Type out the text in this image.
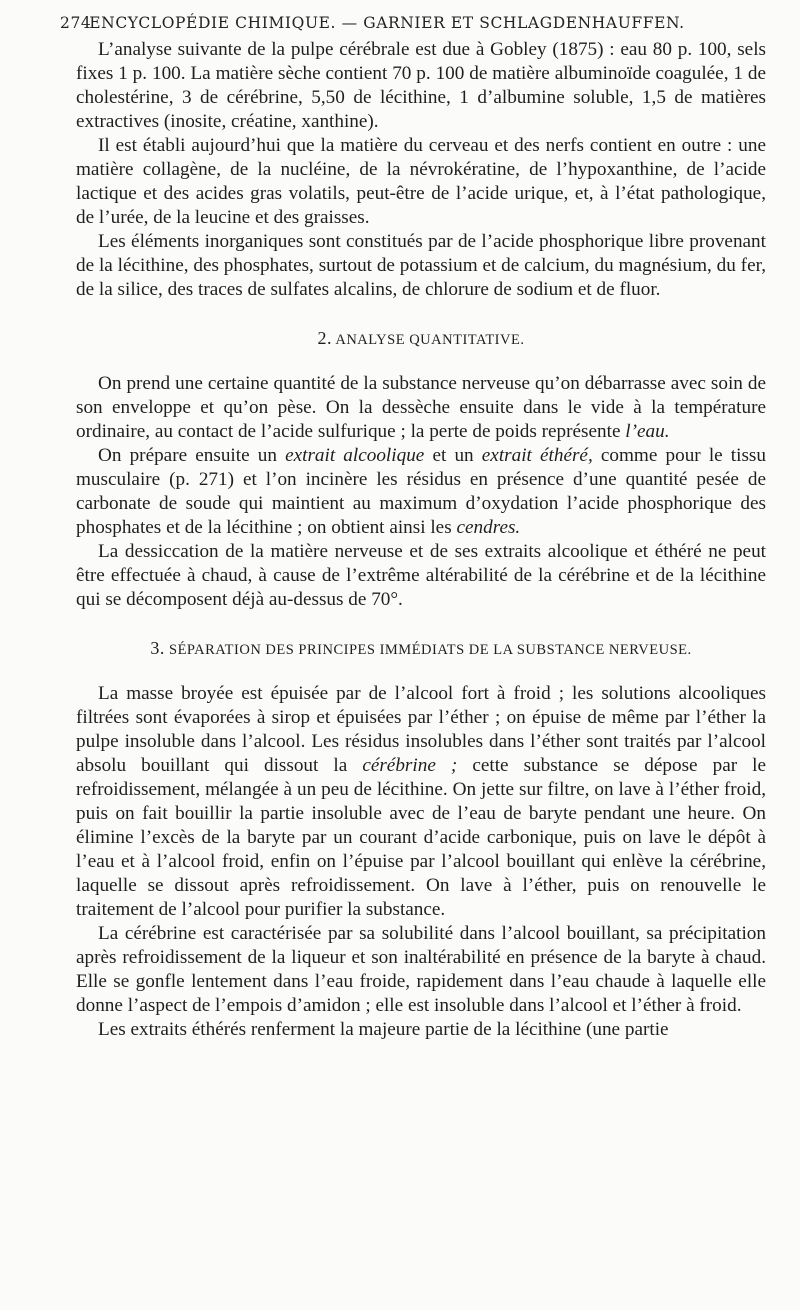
274
ENCYCLOPÉDIE CHIMIQUE. — GARNIER ET SCHLAGDENHAUFFEN.

L’analyse suivante de la pulpe cérébrale est due à Gobley (1875) : eau 80 p. 100, sels fixes 1 p. 100. La matière sèche contient 70 p. 100 de matière albuminoïde coagulée, 1 de cholestérine, 3 de cérébrine, 5,50 de lécithine, 1 d’albumine soluble, 1,5 de matières extractives (inosite, créatine, xanthine).

Il est établi aujourd’hui que la matière du cerveau et des nerfs contient en outre : une matière collagène, de la nucléine, de la névrokératine, de l’hypoxanthine, de l’acide lactique et des acides gras volatils, peut-être de l’acide urique, et, à l’état pathologique, de l’urée, de la leucine et des graisses.

Les éléments inorganiques sont constitués par de l’acide phosphorique libre provenant de la lécithine, des phosphates, surtout de potassium et de calcium, du magnésium, du fer, de la silice, des traces de sulfates alcalins, de chlorure de sodium et de fluor.

2. ANALYSE QUANTITATIVE.

On prend une certaine quantité de la substance nerveuse qu’on débarrasse avec soin de son enveloppe et qu’on pèse. On la dessèche ensuite dans le vide à la température ordinaire, au contact de l’acide sulfurique ; la perte de poids représente l’eau.

On prépare ensuite un extrait alcoolique et un extrait éthéré, comme pour le tissu musculaire (p. 271) et l’on incinère les résidus en présence d’une quantité pesée de carbonate de soude qui maintient au maximum d’oxydation l’acide phosphorique des phosphates et de la lécithine ; on obtient ainsi les cendres.

La dessiccation de la matière nerveuse et de ses extraits alcoolique et éthéré ne peut être effectuée à chaud, à cause de l’extrême altérabilité de la cérébrine et de la lécithine qui se décomposent déjà au-dessus de 70°.

3. SÉPARATION DES PRINCIPES IMMÉDIATS DE LA SUBSTANCE NERVEUSE.

La masse broyée est épuisée par de l’alcool fort à froid ; les solutions alcooliques filtrées sont évaporées à sirop et épuisées par l’éther ; on épuise de même par l’éther la pulpe insoluble dans l’alcool. Les résidus insolubles dans l’éther sont traités par l’alcool absolu bouillant qui dissout la cérébrine ; cette substance se dépose par le refroidissement, mélangée à un peu de lécithine. On jette sur filtre, on lave à l’éther froid, puis on fait bouillir la partie insoluble avec de l’eau de baryte pendant une heure. On élimine l’excès de la baryte par un courant d’acide carbonique, puis on lave le dépôt à l’eau et à l’alcool froid, enfin on l’épuise par l’alcool bouillant qui enlève la cérébrine, laquelle se dissout après refroidissement. On lave à l’éther, puis on renouvelle le traitement de l’alcool pour purifier la substance.

La cérébrine est caractérisée par sa solubilité dans l’alcool bouillant, sa précipitation après refroidissement de la liqueur et son inaltérabilité en présence de la baryte à chaud. Elle se gonfle lentement dans l’eau froide, rapidement dans l’eau chaude à laquelle elle donne l’aspect de l’empois d’amidon ; elle est insoluble dans l’alcool et l’éther à froid.

Les extraits éthérés renferment la majeure partie de la lécithine (une partie
